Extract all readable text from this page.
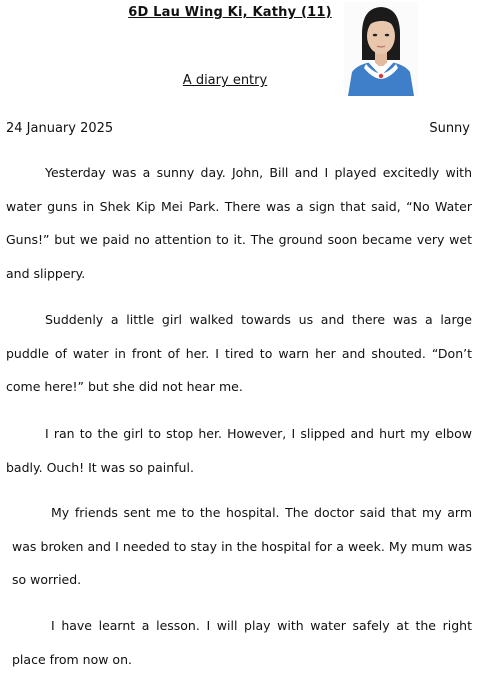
6D Lau Wing Ki, Kathy (11)
A diary entry
24 January 2025	Sunny

Yesterday was a sunny day. John, Bill and I played excitedly with water guns in Shek Kip Mei Park. There was a sign that said, “No Water Guns!” but we paid no attention to it. The ground soon became very wet and slippery.

Suddenly a little girl walked towards us and there was a large puddle of water in front of her. I tired to warn her and shouted. “Don’t come here!” but she did not hear me.

I ran to the girl to stop her. However, I slipped and hurt my elbow badly. Ouch! It was so painful.

My friends sent me to the hospital. The doctor said that my arm was broken and I needed to stay in the hospital for a week. My mum was so worried.

I have learnt a lesson. I will play with water safely at the right place from now on.
